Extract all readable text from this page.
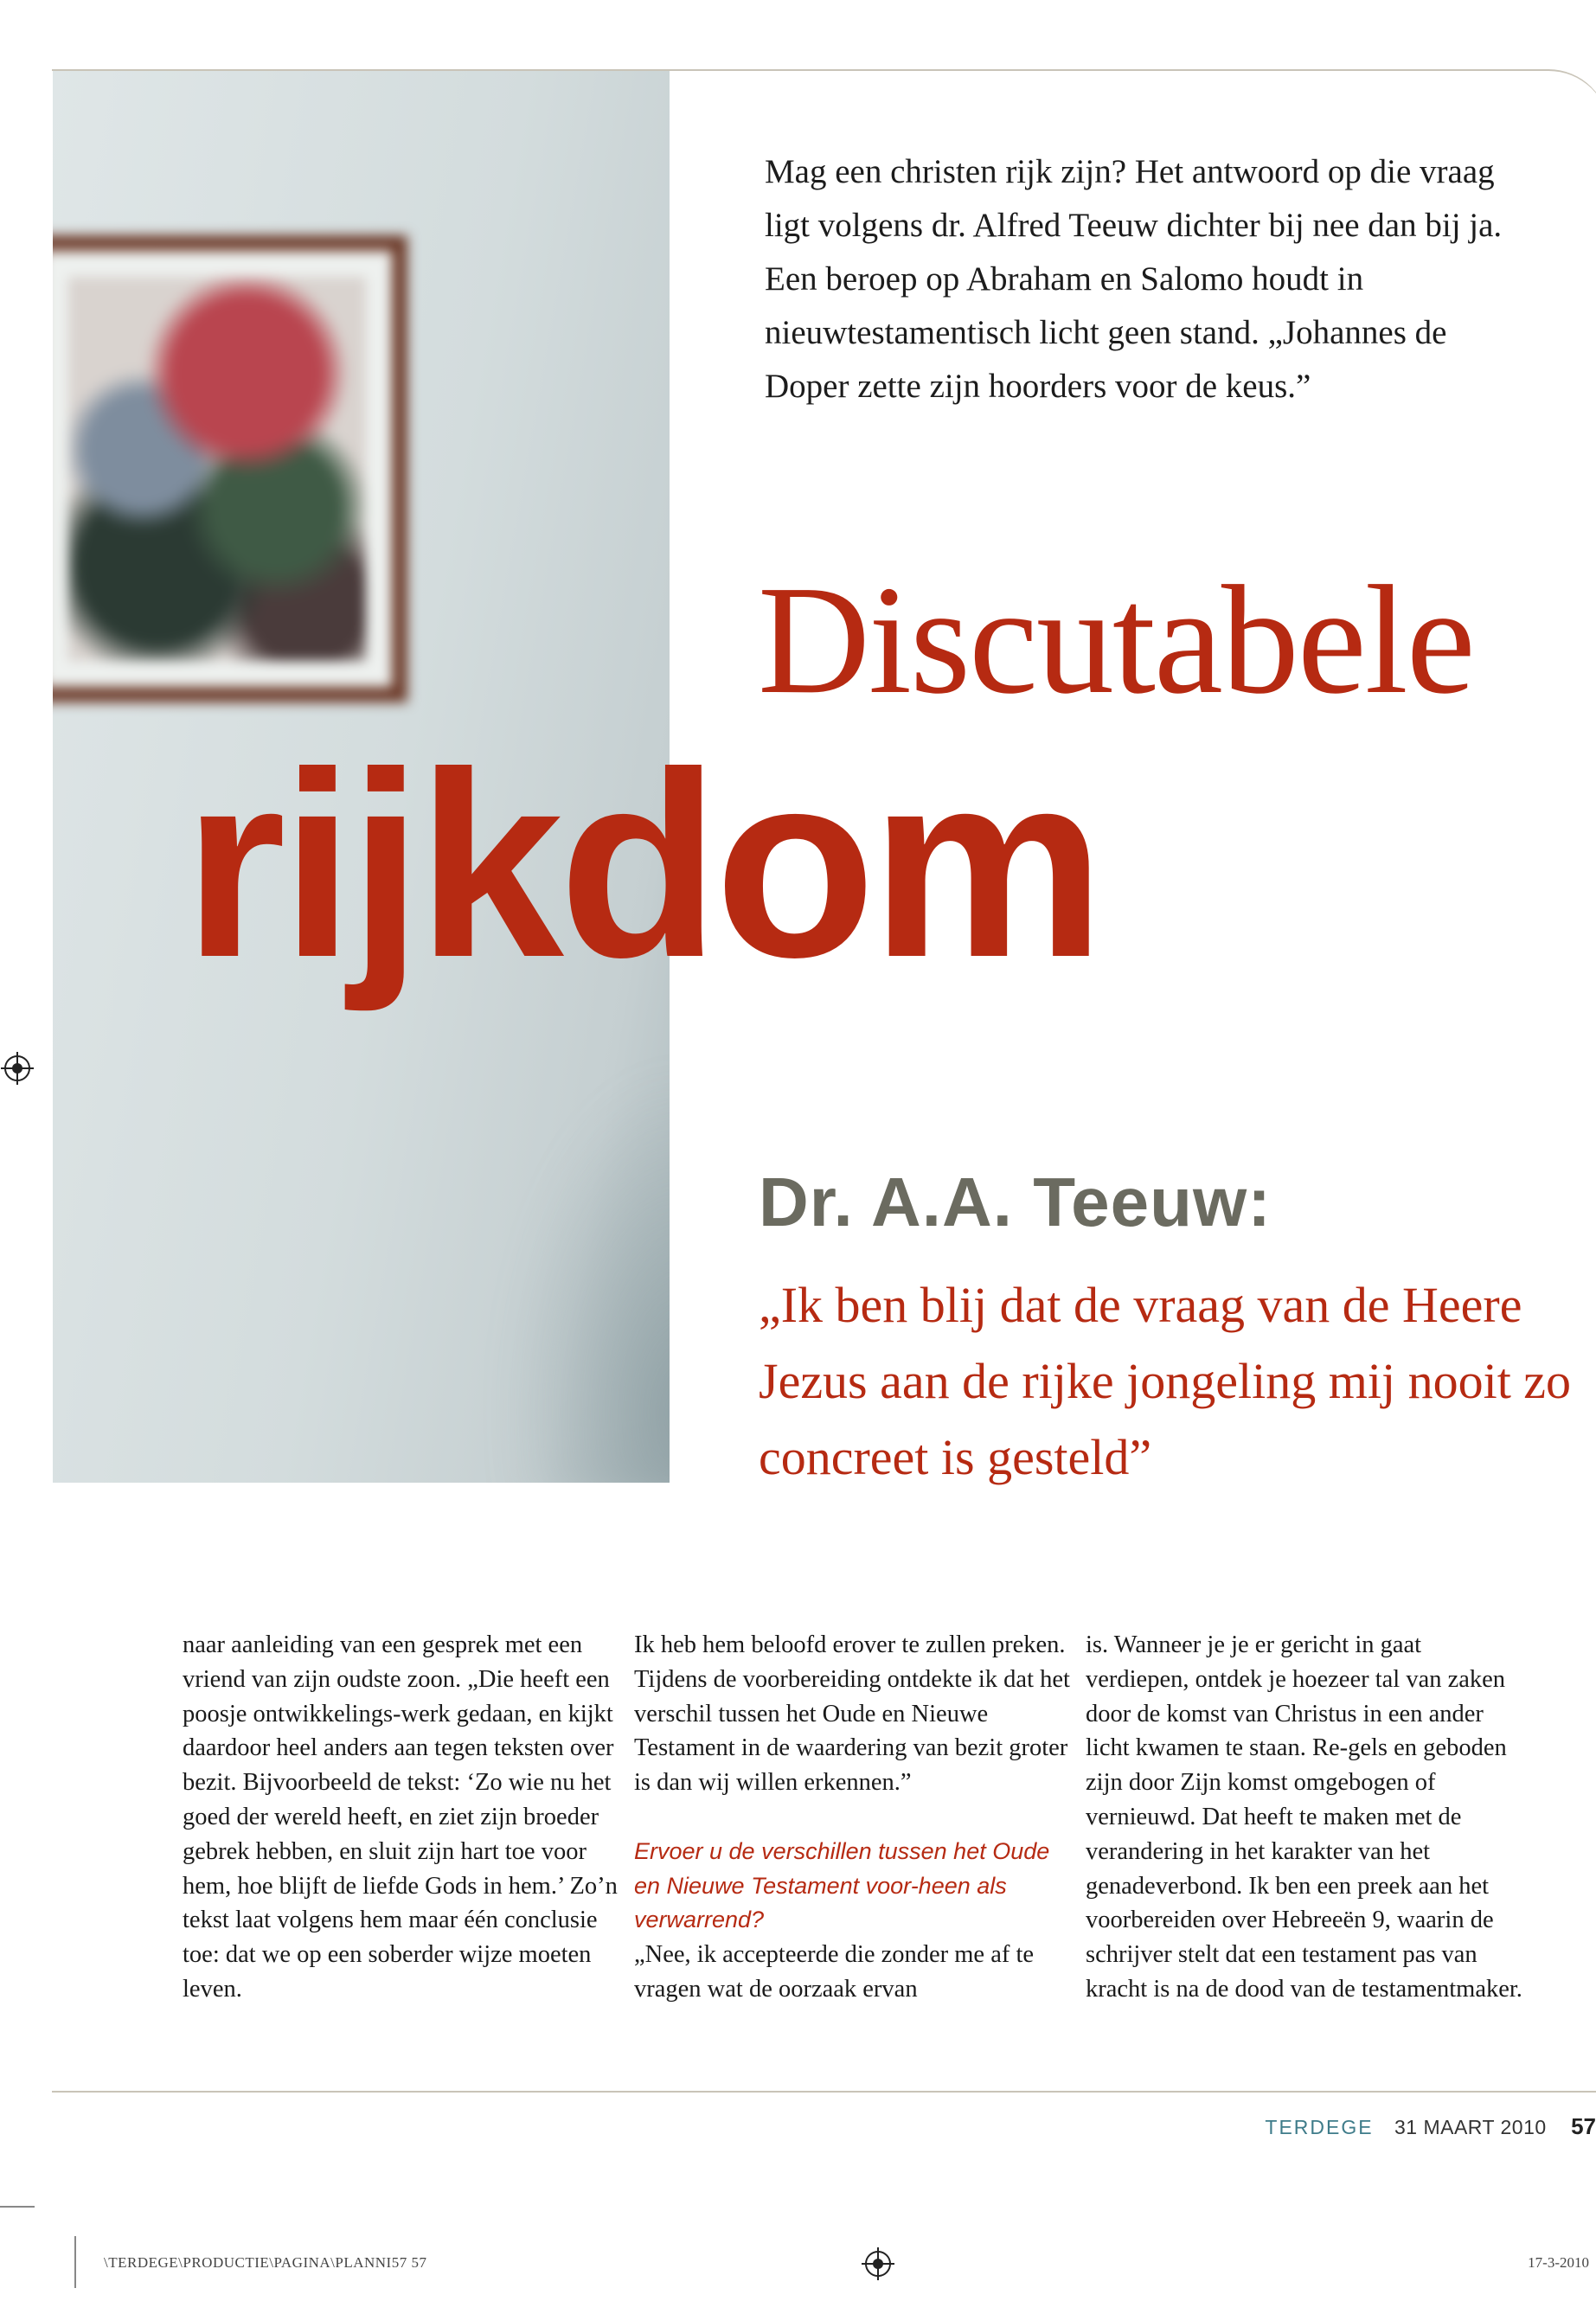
Mag een christen rijk zijn? Het antwoord op die vraag ligt volgens dr. Alfred Teeuw dichter bij nee dan bij ja. Een beroep op Abraham en Salomo houdt in nieuwtestamentisch licht geen stand. „Johannes de Doper zette zijn hoorders voor de keus.”

Discutabele
rijkdom
Dr. A.A. Teeuw:

„Ik ben blij dat de vraag van de Heere Jezus aan de rijke jongeling mij nooit zo concreet is gesteld”

naar aanleiding van een gesprek met een vriend van zijn oudste zoon. „Die heeft een poosje ontwikkelings-werk gedaan, en kijkt daardoor heel anders aan tegen teksten over bezit. Bijvoorbeeld de tekst: ‘Zo wie nu het goed der wereld heeft, en ziet zijn broeder gebrek hebben, en sluit zijn hart toe voor hem, hoe blijft de liefde Gods in hem.’ Zo’n tekst laat volgens hem maar één conclusie toe: dat we op een soberder wijze moeten leven.

Ik heb hem beloofd erover te zullen preken. Tijdens de voorbereiding ontdekte ik dat het verschil tussen het Oude en Nieuwe Testament in de waardering van bezit groter is dan wij willen erkennen.”

Ervoer u de verschillen tussen het Oude en Nieuwe Testament voor-heen als verwarrend?

„Nee, ik accepteerde die zonder me af te vragen wat de oorzaak ervan

is. Wanneer je je er gericht in gaat verdiepen, ontdek je hoezeer tal van zaken door de komst van Christus in een ander licht kwamen te staan. Re-gels en geboden zijn door Zijn komst omgebogen of vernieuwd. Dat heeft te maken met de verandering in het karakter van het genadeverbond. Ik ben een preek aan het voorbereiden over Hebreeën 9, waarin de schrijver stelt dat een testament pas van kracht is na de dood van de testamentmaker.

TERDEGE 31 MAART 2010 57
\TERDEGE\PRODUCTIE\PAGINA\PLANNI57 57	17-3-2010
